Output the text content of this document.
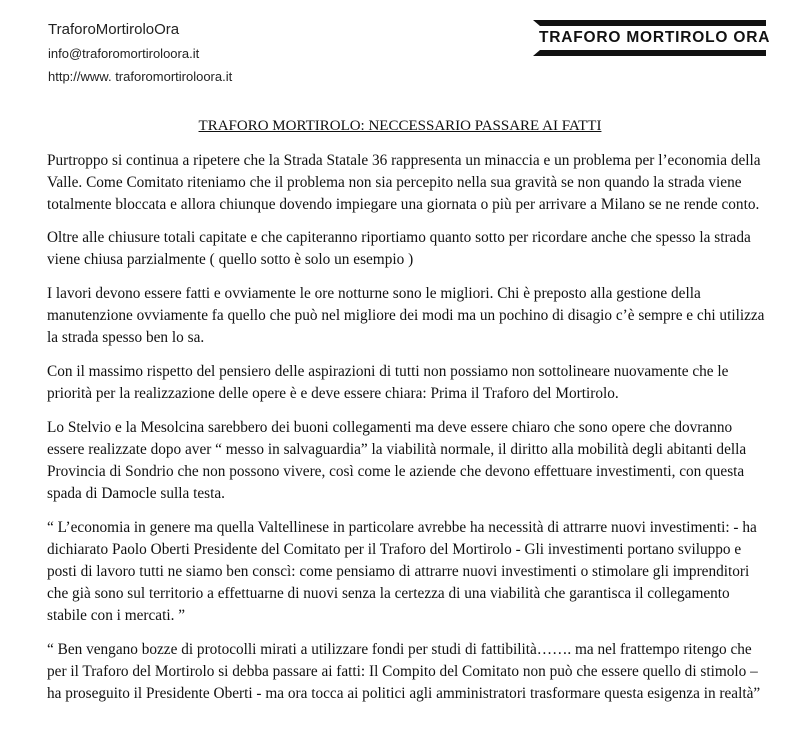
TraforoMortiroloOra
info@traforomortiroloora.it
http://www. traforomortiroloora.it
TRAFORO MORTIROLO ORA
TRAFORO MORTIROLO: NECCESSARIO PASSARE AI FATTI

Purtroppo si continua a ripetere che la Strada Statale 36 rappresenta un minaccia e un problema per l’economia della Valle. Come Comitato riteniamo che il problema non sia percepito nella sua gravità se non quando la strada viene totalmente bloccata e allora chiunque dovendo impiegare una giornata o più per arrivare a Milano se ne rende conto.

Oltre alle chiusure totali capitate e che capiteranno riportiamo quanto sotto per ricordare anche che spesso la strada viene chiusa parzialmente ( quello sotto è solo un esempio )

I lavori devono essere fatti e ovviamente le ore notturne sono le migliori. Chi è preposto alla gestione della manutenzione ovviamente fa quello che può nel migliore dei modi ma un pochino di disagio c’è sempre e chi utilizza la strada spesso ben lo sa.

Con il massimo rispetto del pensiero delle aspirazioni di tutti non possiamo non sottolineare nuovamente che le priorità per la realizzazione delle opere è e deve essere chiara: Prima il Traforo del Mortirolo.

Lo Stelvio e la Mesolcina sarebbero dei buoni collegamenti ma deve essere chiaro che sono opere che dovranno essere realizzate dopo aver “ messo in salvaguardia” la viabilità normale, il diritto alla mobilità degli abitanti della Provincia di Sondrio che non possono vivere, così come le aziende che devono effettuare investimenti, con questa spada di Damocle sulla testa.

“ L’economia in genere ma quella Valtellinese in particolare avrebbe ha necessità di attrarre nuovi investimenti: - ha dichiarato Paolo Oberti Presidente del Comitato per il Traforo del Mortirolo - Gli investimenti portano sviluppo e posti di lavoro tutti ne siamo ben conscì: come pensiamo di attrarre nuovi investimenti o stimolare gli imprenditori che già sono sul territorio a effettuarne di nuovi senza la certezza di una viabilità che garantisca il collegamento stabile con i mercati. ”

“ Ben vengano bozze di protocolli mirati a utilizzare fondi per studi di fattibilità……. ma nel frattempo ritengo che per il Traforo del Mortirolo si debba passare ai fatti: Il Compito del Comitato non può che essere quello di stimolo – ha proseguito il Presidente Oberti - ma ora tocca ai politici agli amministratori trasformare questa esigenza in realtà”
